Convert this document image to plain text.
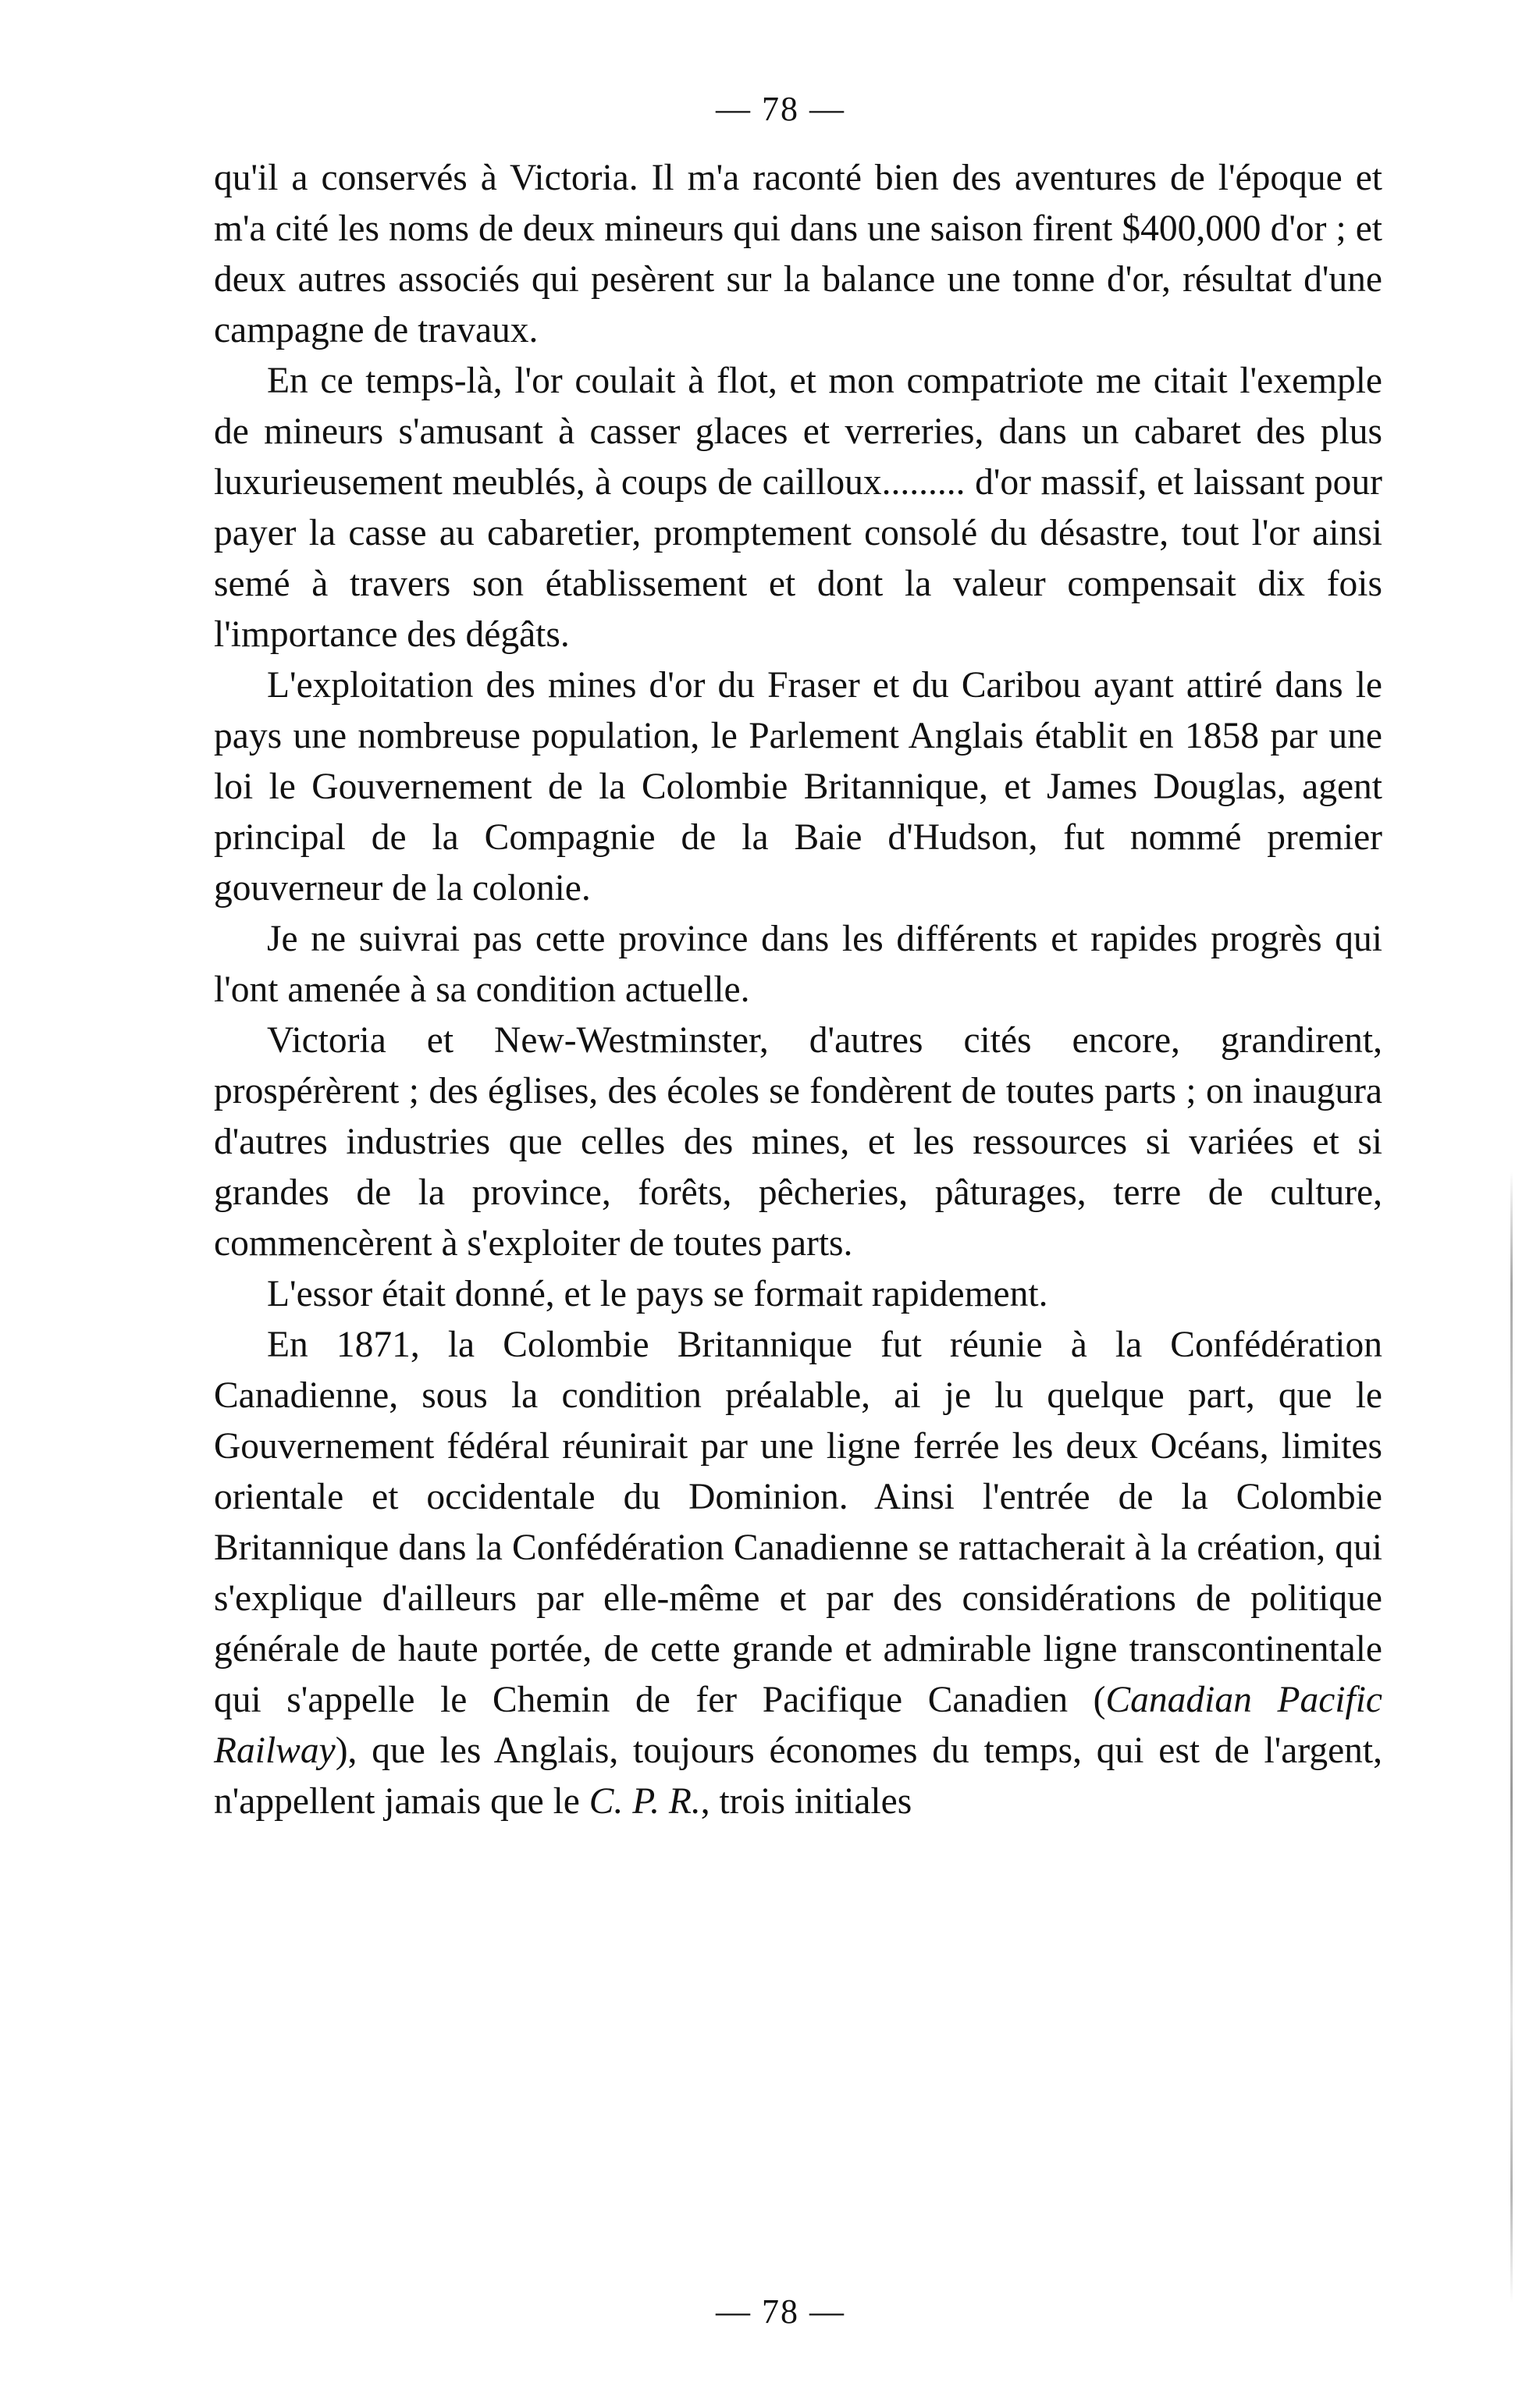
— 78 —

qu'il a conservés à Victoria. Il m'a raconté bien des aventures de l'époque et m'a cité les noms de deux mineurs qui dans une saison firent $400,000 d'or ; et deux autres associés qui pesèrent sur la balance une tonne d'or, résultat d'une campagne de travaux.

En ce temps-là, l'or coulait à flot, et mon compatriote me citait l'exemple de mineurs s'amusant à casser glaces et verreries, dans un cabaret des plus luxurieusement meublés, à coups de cailloux......... d'or massif, et laissant pour payer la casse au cabaretier, promptement consolé du désastre, tout l'or ainsi semé à travers son établissement et dont la valeur compensait dix fois l'importance des dégâts.

L'exploitation des mines d'or du Fraser et du Caribou ayant attiré dans le pays une nombreuse population, le Parlement Anglais établit en 1858 par une loi le Gouvernement de la Colombie Britannique, et James Douglas, agent principal de la Compagnie de la Baie d'Hudson, fut nommé premier gouverneur de la colonie.

Je ne suivrai pas cette province dans les différents et rapides progrès qui l'ont amenée à sa condition actuelle.

Victoria et New-Westminster, d'autres cités encore, grandirent, prospérèrent ; des églises, des écoles se fondèrent de toutes parts ; on inaugura d'autres industries que celles des mines, et les ressources si variées et si grandes de la province, forêts, pêcheries, pâturages, terre de culture, commencèrent à s'exploiter de toutes parts.

L'essor était donné, et le pays se formait rapidement.

En 1871, la Colombie Britannique fut réunie à la Confédération Canadienne, sous la condition préalable, ai je lu quelque part, que le Gouvernement fédéral réunirait par une ligne ferrée les deux Océans, limites orientale et occidentale du Dominion. Ainsi l'entrée de la Colombie Britannique dans la Confédération Canadienne se rattacherait à la création, qui s'explique d'ailleurs par elle-même et par des considérations de politique générale de haute portée, de cette grande et admirable ligne transcontinentale qui s'appelle le Chemin de fer Pacifique Canadien (Canadian Pacific Railway), que les Anglais, toujours économes du temps, qui est de l'argent, n'appellent jamais que le C. P. R., trois initiales

— 78 —
